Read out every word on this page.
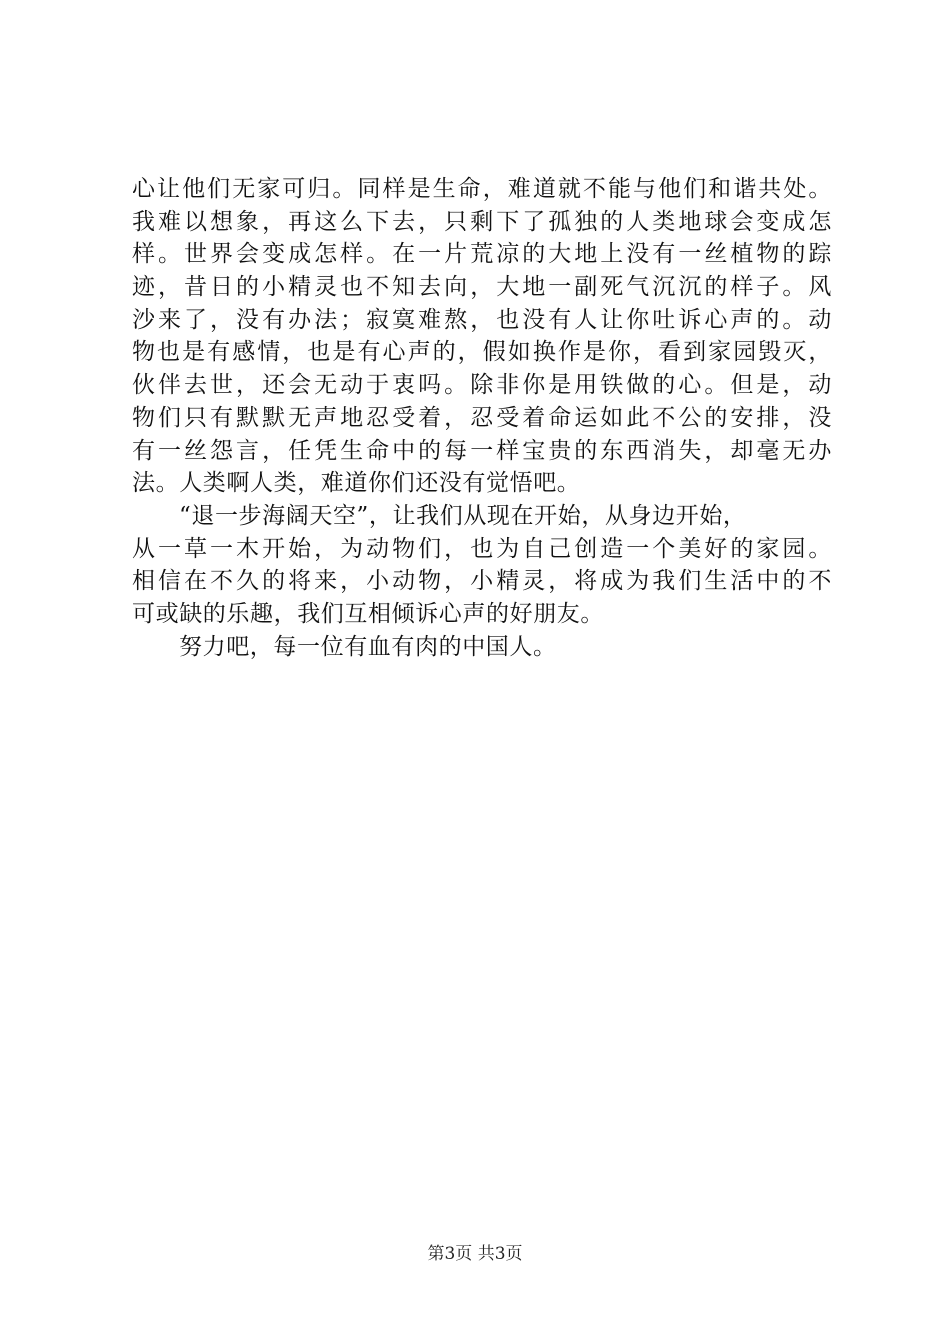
心让他们无家可归。同样是生命，难道就不能与他们和谐共处。
我难以想象，再这么下去，只剩下了孤独的人类地球会变成怎
样。世界会变成怎样。在一片荒凉的大地上没有一丝植物的踪
迹，昔日的小精灵也不知去向，大地一副死气沉沉的样子。风
沙来了，没有办法；寂寞难熬，也没有人让你吐诉心声的。动
物也是有感情，也是有心声的，假如换作是你，看到家园毁灭，
伙伴去世，还会无动于衷吗。除非你是用铁做的心。但是，动
物们只有默默无声地忍受着，忍受着命运如此不公的安排，没
有一丝怨言，任凭生命中的每一样宝贵的东西消失，却毫无办
法。人类啊人类，难道你们还没有觉悟吧。
“退一步海阔天空”，让我们从现在开始，从身边开始，
从一草一木开始，为动物们，也为自己创造一个美好的家园。
相信在不久的将来，小动物，小精灵，将成为我们生活中的不
可或缺的乐趣，我们互相倾诉心声的好朋友。
努力吧，每一位有血有肉的中国人。
第3页 共3页
